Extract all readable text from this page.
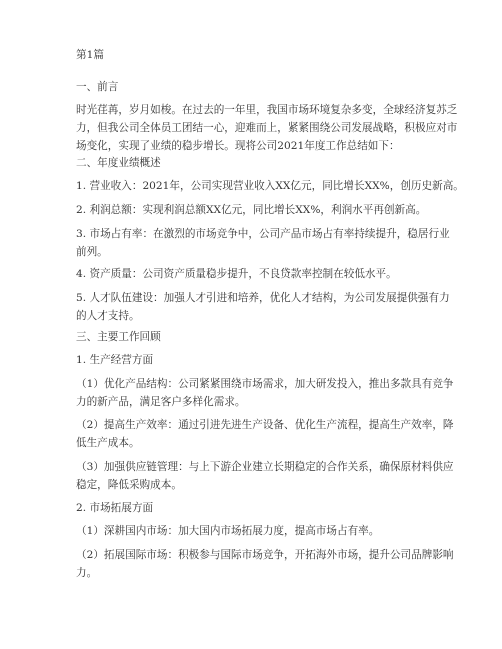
第1篇
一、前言
时光荏苒，岁月如梭。在过去的一年里，我国市场环境复杂多变，全球经济复苏乏
力，但我公司全体员工团结一心，迎难而上，紧紧围绕公司发展战略，积极应对市
场变化，实现了业绩的稳步增长。现将公司2021年度工作总结如下：
二、年度业绩概述
1. 营业收入：2021年，公司实现营业收入XX亿元，同比增长XX%，创历史新高。
2. 利润总额：实现利润总额XX亿元，同比增长XX%，利润水平再创新高。
3. 市场占有率：在激烈的市场竞争中，公司产品市场占有率持续提升，稳居行业
前列。
4. 资产质量：公司资产质量稳步提升，不良贷款率控制在较低水平。
5. 人才队伍建设：加强人才引进和培养，优化人才结构，为公司发展提供强有力
的人才支持。
三、主要工作回顾
1. 生产经营方面
（1）优化产品结构：公司紧紧围绕市场需求，加大研发投入，推出多款具有竞争
力的新产品，满足客户多样化需求。
（2）提高生产效率：通过引进先进生产设备、优化生产流程，提高生产效率，降
低生产成本。
（3）加强供应链管理：与上下游企业建立长期稳定的合作关系，确保原材料供应
稳定，降低采购成本。
2. 市场拓展方面
（1）深耕国内市场：加大国内市场拓展力度，提高市场占有率。
（2）拓展国际市场：积极参与国际市场竞争，开拓海外市场，提升公司品牌影响
力。
